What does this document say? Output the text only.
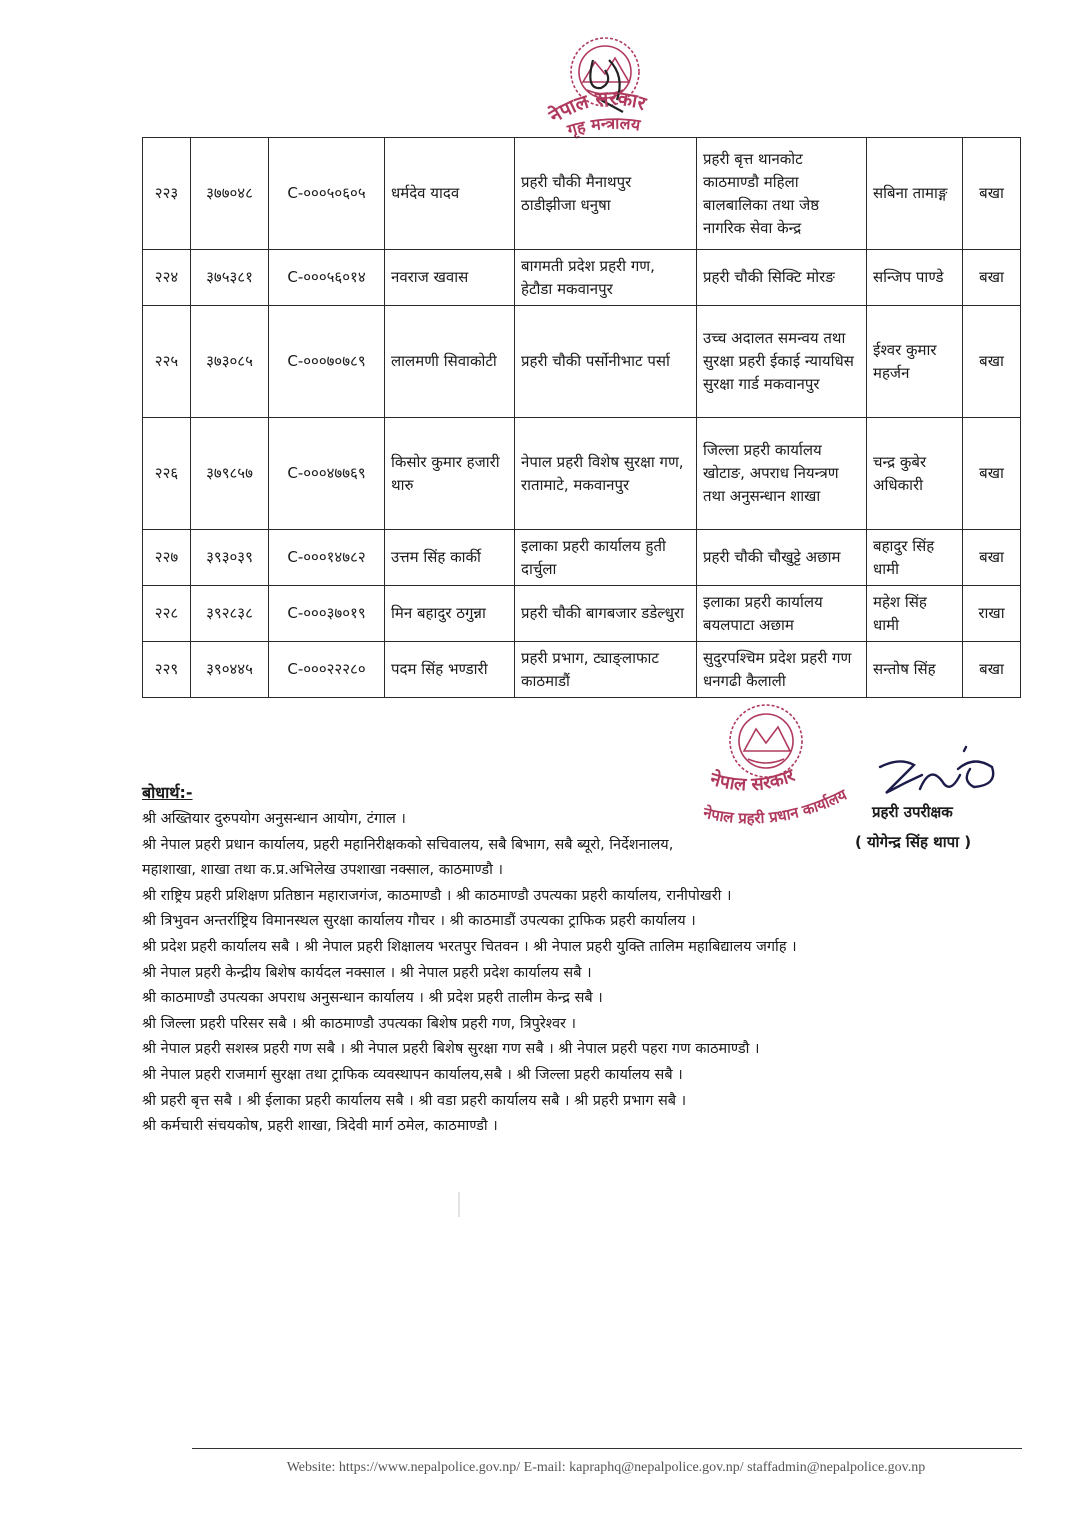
नेपाल सरकार
गृह मन्त्रालय
२२३	३७७०४८	C-०००५०६०५	धर्मदेव यादव	प्रहरी चौकी मैनाथपुर ठाडीझीजा धनुषा	प्रहरी बृत्त थानकोट काठमाण्डौ महिला बालबालिका तथा जेष्ठ नागरिक सेवा केन्द्र	सबिना तामाङ्ग	बखा
२२४	३७५३८१	C-०००५६०१४	नवराज खवास	बागमती प्रदेश प्रहरी गण, हेटौडा मकवानपुर	प्रहरी चौकी सिक्टि मोरङ	सन्जिप पाण्डे	बखा
२२५	३७३०८५	C-०००७०७८९	लालमणी सिवाकोटी	प्रहरी चौकी पर्सोनीभाट पर्सा	उच्च अदालत समन्वय तथा सुरक्षा प्रहरी ईकाई न्यायधिस सुरक्षा गार्ड मकवानपुर	ईश्वर कुमार महर्जन	बखा
२२६	३७९८५७	C-०००४७७६९	किसोर कुमार हजारी थारु	नेपाल प्रहरी विशेष सुरक्षा गण, रातामाटे, मकवानपुर	जिल्ला प्रहरी कार्यालय खोटाङ, अपराध नियन्त्रण तथा अनुसन्धान शाखा	चन्द्र कुबेर अधिकारी	बखा
२२७	३९३०३९	C-०००१४७८२	उत्तम सिंह कार्की	इलाका प्रहरी कार्यालय हुती दार्चुला	प्रहरी चौकी चौखुट्टे अछाम	बहादुर सिंह धामी	बखा
२२८	३९२८३८	C-०००३७०१९	मिन बहादुर ठगुन्ना	प्रहरी चौकी बागबजार डडेल्धुरा	इलाका प्रहरी कार्यालय बयलपाटा अछाम	महेश सिंह धामी	राखा
२२९	३९०४४५	C-०००२२२८०	पदम सिंह भण्डारी	प्रहरी प्रभाग, ट्याङ्लाफाट काठमाडौं	सुदुरपश्चिम प्रदेश प्रहरी गण धनगढी कैलाली	सन्तोष सिंह	बखा
नेपाल सरकार
नेपाल प्रहरी प्रधान कार्यालय
प्रहरी उपरीक्षक
( योगेन्द्र सिंह थापा )
बोधार्थ:-
श्री अख्तियार दुरुपयोग अनुसन्धान आयोग, टंगाल ।
श्री नेपाल प्रहरी प्रधान कार्यालय, प्रहरी महानिरीक्षकको सचिवालय, सबै बिभाग, सबै ब्यूरो, निर्देशनालय,
महाशाखा, शाखा तथा क.प्र.अभिलेख उपशाखा नक्साल, काठमाण्डौ ।
श्री राष्ट्रिय प्रहरी प्रशिक्षण प्रतिष्ठान महाराजगंज, काठमाण्डौ । श्री काठमाण्डौ उपत्यका प्रहरी कार्यालय, रानीपोखरी ।
श्री त्रिभुवन अन्तर्राष्ट्रिय विमानस्थल सुरक्षा कार्यालय गौचर । श्री काठमाडौं उपत्यका ट्राफिक प्रहरी कार्यालय ।
श्री प्रदेश प्रहरी कार्यालय सबै । श्री नेपाल प्रहरी शिक्षालय भरतपुर चितवन । श्री नेपाल प्रहरी युक्ति तालिम महाबिद्यालय जर्गाह ।
श्री नेपाल प्रहरी केन्द्रीय बिशेष कार्यदल नक्साल । श्री नेपाल प्रहरी प्रदेश कार्यालय सबै ।
श्री काठमाण्डौ उपत्यका अपराध अनुसन्धान कार्यालय । श्री प्रदेश प्रहरी तालीम केन्द्र सबै ।
श्री जिल्ला प्रहरी परिसर सबै । श्री काठमाण्डौ उपत्यका बिशेष प्रहरी गण, त्रिपुरेश्वर ।
श्री नेपाल प्रहरी सशस्त्र प्रहरी गण सबै । श्री नेपाल प्रहरी बिशेष सुरक्षा गण सबै । श्री नेपाल प्रहरी पहरा गण काठमाण्डौ ।
श्री नेपाल प्रहरी राजमार्ग सुरक्षा तथा ट्राफिक व्यवस्थापन कार्यालय,सबै । श्री जिल्ला प्रहरी कार्यालय सबै ।
श्री प्रहरी बृत्त सबै । श्री ईलाका प्रहरी कार्यालय सबै । श्री वडा प्रहरी कार्यालय सबै । श्री प्रहरी प्रभाग सबै ।
श्री कर्मचारी संचयकोष, प्रहरी शाखा, त्रिदेवी मार्ग ठमेल, काठमाण्डौ ।
Website: https://www.nepalpolice.gov.np/ E-mail: kapraphq@nepalpolice.gov.np/ staffadmin@nepalpolice.gov.np
